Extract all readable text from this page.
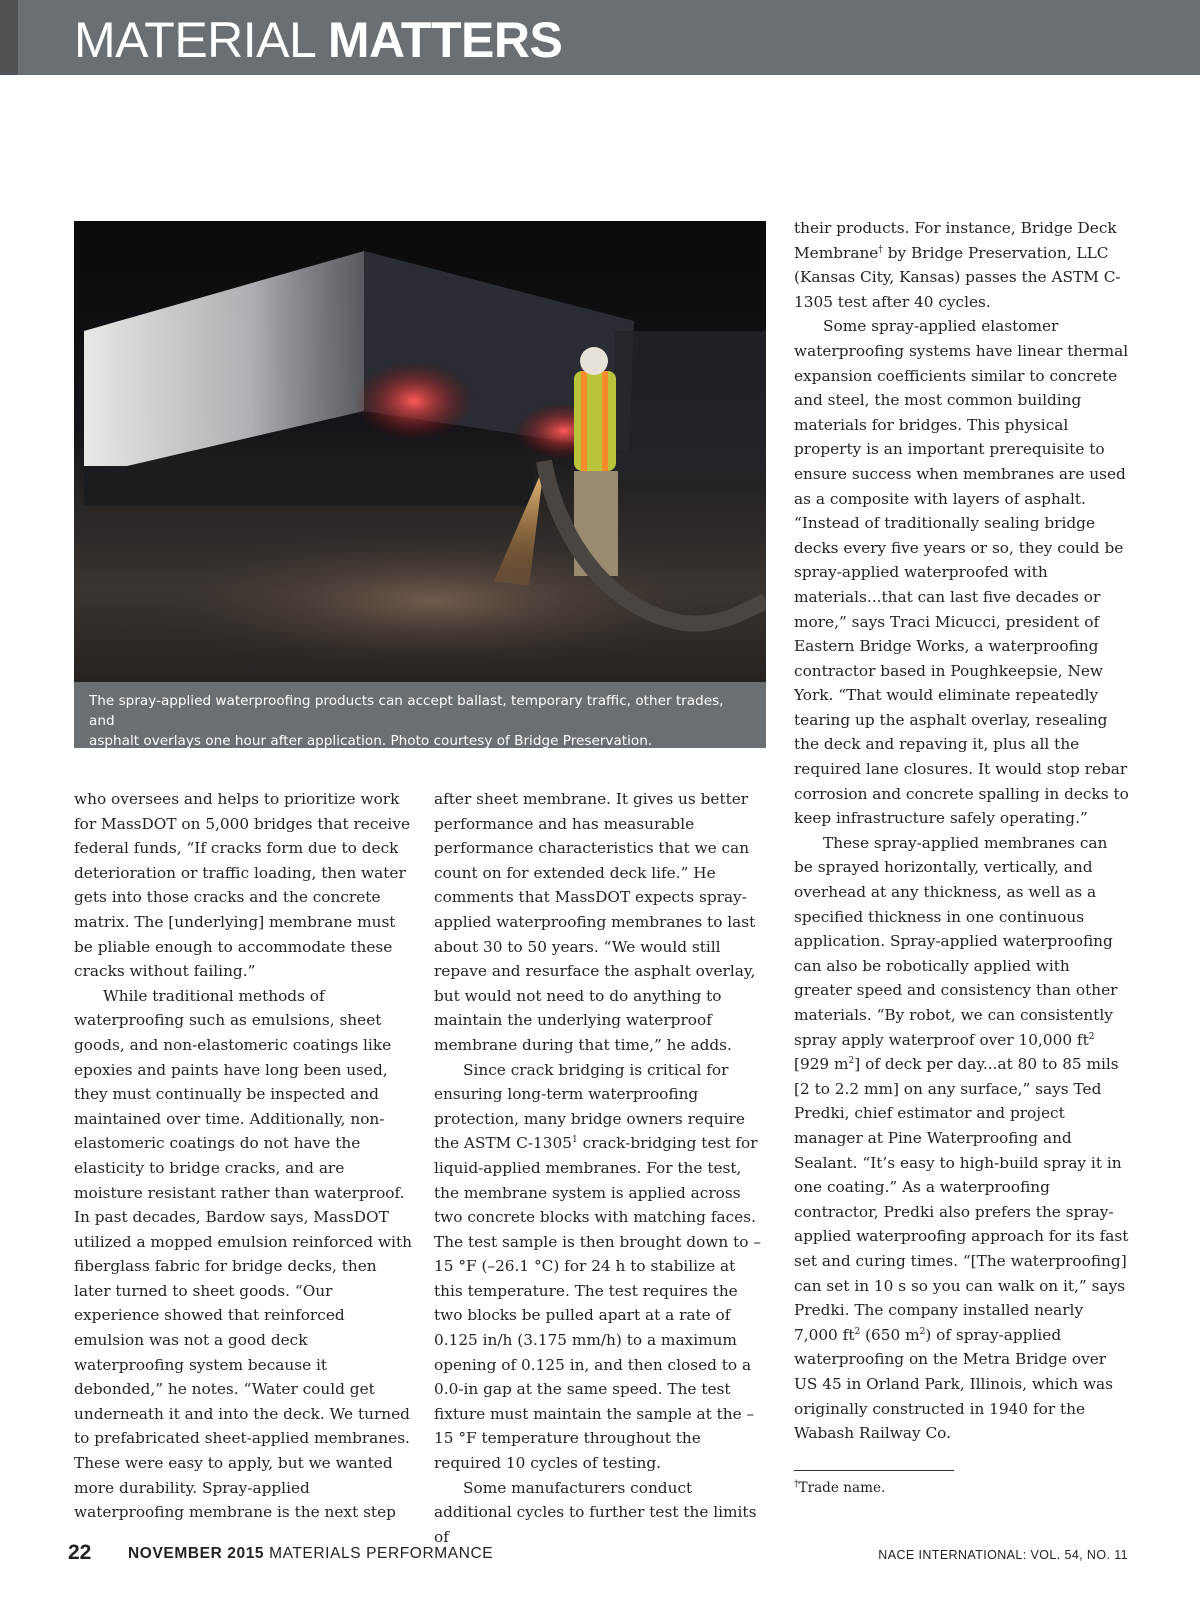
MATERIAL MATTERS

The spray-applied waterproofing products can accept ballast, temporary traffic, other trades, and

asphalt overlays one hour after application. Photo courtesy of Bridge Preservation.

who oversees and helps to prioritize work for MassDOT on 5,000 bridges that receive federal funds, “If cracks form due to deck deterioration or traffic loading, then water gets into those cracks and the concrete matrix. The [underlying] membrane must be pliable enough to accommodate these cracks without failing.”

While traditional methods of waterproofing such as emulsions, sheet goods, and non-elastomeric coatings like epoxies and paints have long been used, they must continually be inspected and maintained over time. Additionally, non-elastomeric coatings do not have the elasticity to bridge cracks, and are moisture resistant rather than waterproof. In past decades, Bardow says, MassDOT utilized a mopped emulsion reinforced with fiberglass fabric for bridge decks, then later turned to sheet goods. “Our experience showed that reinforced emulsion was not a good deck waterproofing system because it debonded,” he notes. “Water could get underneath it and into the deck. We turned to prefabricated sheet-applied membranes. These were easy to apply, but we wanted more durability. Spray-applied waterproofing membrane is the next step

after sheet membrane. It gives us better performance and has measurable performance characteristics that we can count on for extended deck life.” He comments that MassDOT expects spray-applied waterproofing membranes to last about 30 to 50 years. “We would still repave and resurface the asphalt overlay, but would not need to do anything to maintain the underlying waterproof membrane during that time,” he adds.

Since crack bridging is critical for ensuring long-term waterproofing protection, many bridge owners require the ASTM C-1305$^1$ crack-bridging test for liquid-applied membranes. For the test, the membrane system is applied across two concrete blocks with matching faces. The test sample is then brought down to –15 °F (–26.1 °C) for 24 h to stabilize at this temperature. The test requires the two blocks be pulled apart at a rate of 0.125 in/h (3.175 mm/h) to a maximum opening of 0.125 in, and then closed to a 0.0-in gap at the same speed. The test fixture must maintain the sample at the –15 °F temperature throughout the required 10 cycles of testing.

Some manufacturers conduct additional cycles to further test the limits of

their products. For instance, Bridge Deck Membrane† by Bridge Preservation, LLC (Kansas City, Kansas) passes the ASTM C-1305 test after 40 cycles.

Some spray-applied elastomer waterproofing systems have linear thermal expansion coefficients similar to concrete and steel, the most common building materials for bridges. This physical property is an important prerequisite to ensure success when membranes are used as a composite with layers of asphalt. “Instead of traditionally sealing bridge decks every five years or so, they could be spray-applied waterproofed with materials...that can last five decades or more,” says Traci Micucci, president of Eastern Bridge Works, a waterproofing contractor based in Poughkeepsie, New York. “That would eliminate repeatedly tearing up the asphalt overlay, resealing the deck and repaving it, plus all the required lane closures. It would stop rebar corrosion and concrete spalling in decks to keep infrastructure safely operating.”

These spray-applied membranes can be sprayed horizontally, vertically, and overhead at any thickness, as well as a specified thickness in one continuous application. Spray-applied waterproofing can also be robotically applied with greater speed and consistency than other materials. “By robot, we can consistently spray apply waterproof over 10,000 $ft^2$ [929 $m^2$] of deck per day...at 80 to 85 mils [2 to 2.2 mm] on any surface,” says Ted Predki, chief estimator and project manager at Pine Waterproofing and Sealant. “It’s easy to high-build spray it in one coating.” As a waterproofing contractor, Predki also prefers the spray-applied waterproofing approach for its fast set and curing times. “[The waterproofing] can set in 10 s so you can walk on it,” says Predki. The company installed nearly 7,000 $ft^2$ (650 $m^2$) of spray-applied waterproofing on the Metra Bridge over US 45 in Orland Park, Illinois, which was originally constructed in 1940 for the Wabash Railway Co.

†Trade name.
22 NOVEMBER 2015 MATERIALS PERFORMANCE	NACE INTERNATIONAL: VOL. 54, NO. 11
